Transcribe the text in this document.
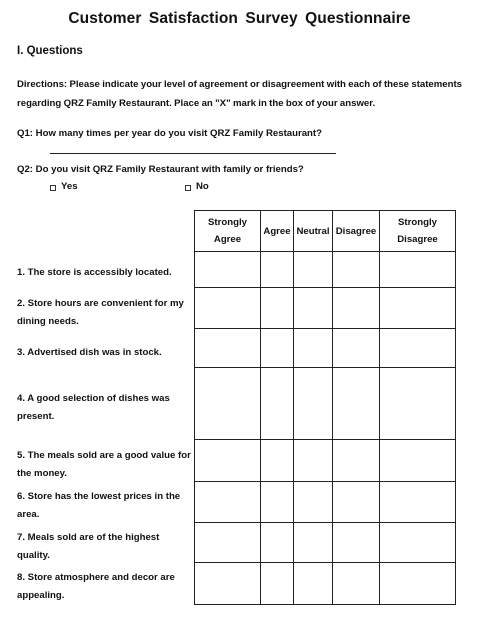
Customer Satisfaction Survey Questionnaire
I. Questions
Directions: Please indicate your level of agreement or disagreement with each of these statements regarding QRZ Family Restaurant. Place an "X" mark in the box of your answer.
Q1: How many times per year do you visit QRZ Family Restaurant?
Q2: Do you visit QRZ Family Restaurant with family or friends?
Yes	No
Strongly Agree	Agree	Neutral	Disagree	Strongly Disagree

1. The store is accessibly located.
2. Store hours are convenient for my dining needs.
3. Advertised dish was in stock.
4. A good selection of dishes was present.
5. The meals sold are a good value for the money.
6. Store has the lowest prices in the area.
7. Meals sold are of the highest quality.
8. Store atmosphere and decor are appealing.
